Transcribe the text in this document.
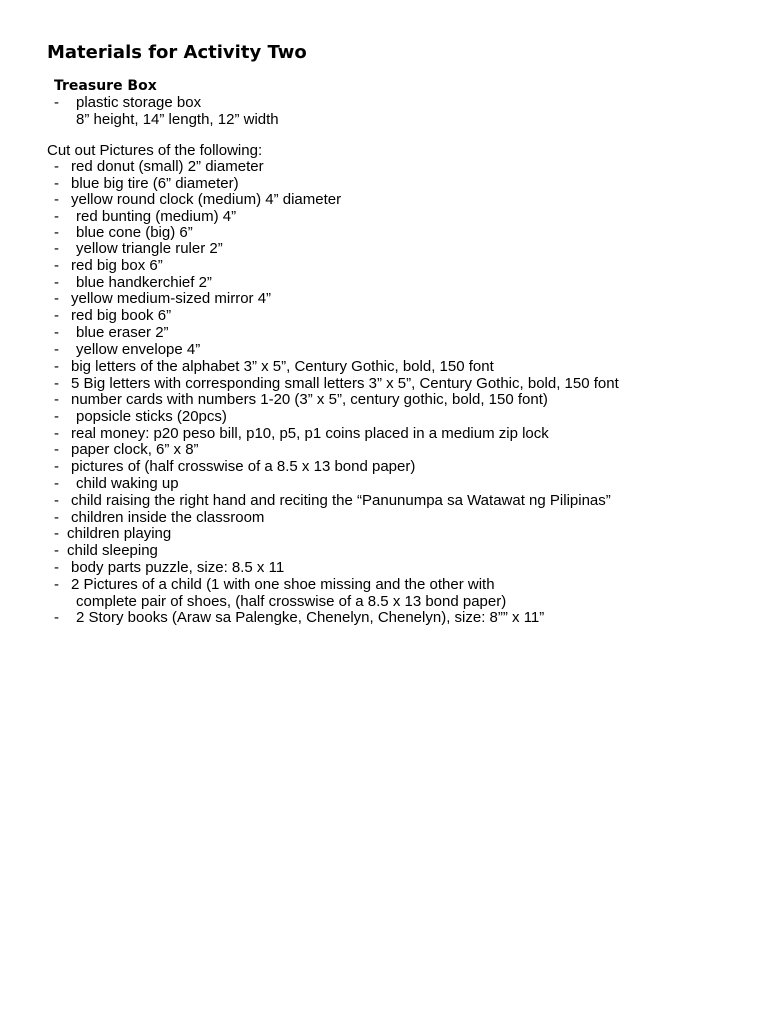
Materials for Activity Two
Treasure Box
- plastic storage box
8” height, 14” length, 12” width
Cut out Pictures of the following:
- red donut (small) 2” diameter
- blue big tire (6” diameter)
- yellow round clock (medium) 4” diameter
- red bunting (medium) 4”
- blue cone (big) 6”
- yellow triangle ruler 2”
- red big box 6”
- blue handkerchief 2”
- yellow medium-sized mirror 4”
- red big book 6”
- blue eraser 2”
- yellow envelope 4”
- big letters of the alphabet 3” x 5”, Century Gothic, bold, 150 font
- 5 Big letters with corresponding small letters 3” x 5”, Century Gothic, bold, 150 font
- number cards with numbers 1-20 (3” x 5”, century gothic, bold, 150 font)
- popsicle sticks (20pcs)
- real money: p20 peso bill, p10, p5, p1 coins placed in a medium zip lock
- paper clock, 6” x 8”
- pictures of (half crosswise of a 8.5 x 13 bond paper)
- child waking up
- child raising the right hand and reciting the “Panunumpa sa Watawat ng Pilipinas”
- children inside the classroom
- children playing
- child sleeping
- body parts puzzle, size: 8.5 x 11
- 2 Pictures of a child (1 with one shoe missing and the other with
complete pair of shoes, (half crosswise of a 8.5 x 13 bond paper)
- 2 Story books (Araw sa Palengke, Chenelyn, Chenelyn), size: 8”” x 11”
